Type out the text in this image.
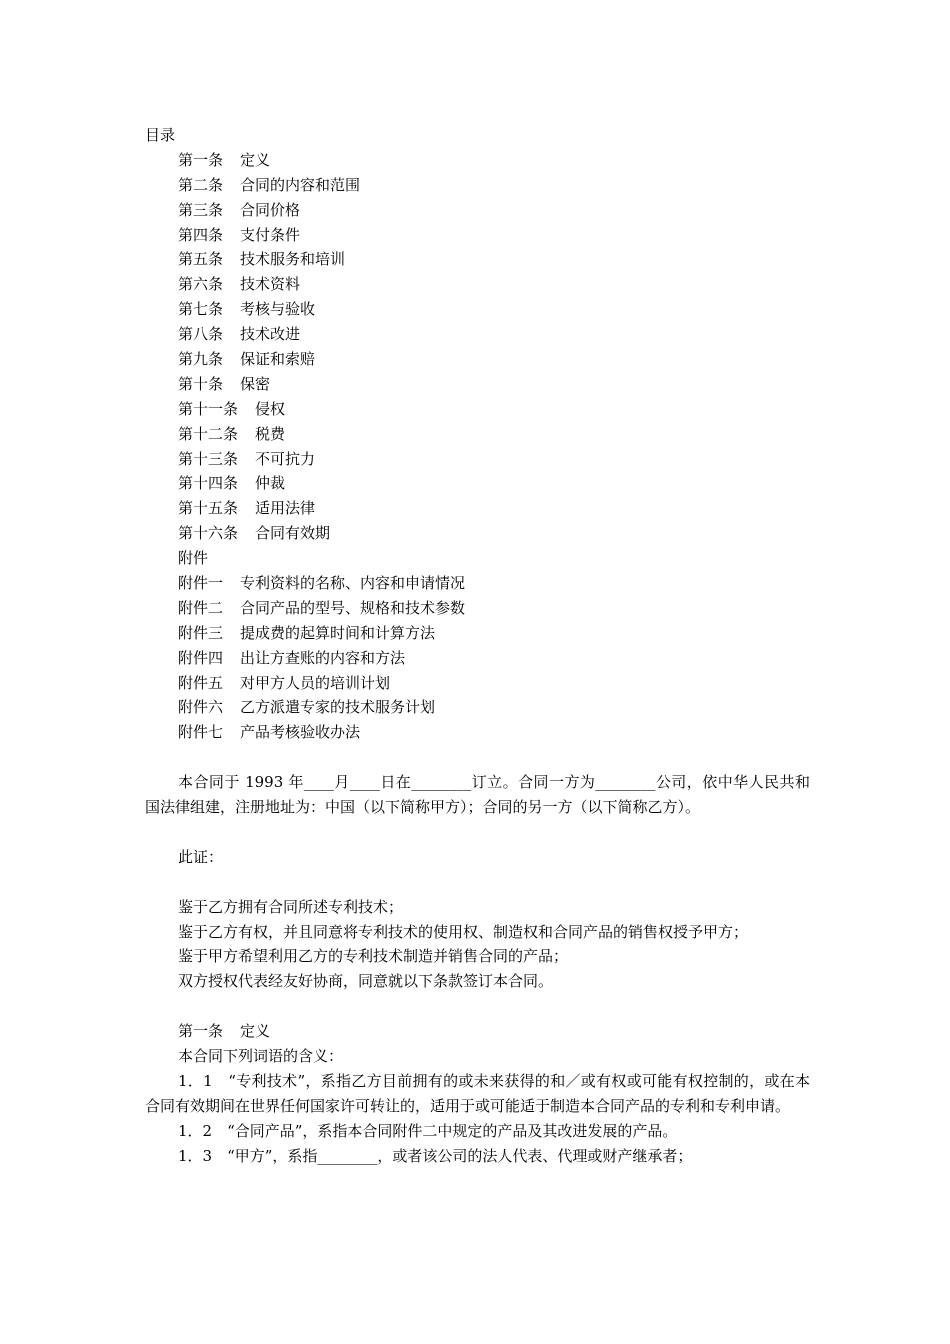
目录
第一条 定义
第二条 合同的内容和范围
第三条 合同价格
第四条 支付条件
第五条 技术服务和培训
第六条 技术资料
第七条 考核与验收
第八条 技术改进
第九条 保证和索赔
第十条 保密
第十一条 侵权
第十二条 税费
第十三条 不可抗力
第十四条 仲裁
第十五条 适用法律
第十六条 合同有效期
附件
附件一 专利资料的名称、内容和申请情况
附件二 合同产品的型号、规格和技术参数
附件三 提成费的起算时间和计算方法
附件四 出让方查账的内容和方法
附件五 对甲方人员的培训计划
附件六 乙方派遣专家的技术服务计划
附件七 产品考核验收办法
本合同于 1993 年____月____日在________订立。合同一方为________公司，依中华人民共和国法律组建，注册地址为：中国（以下简称甲方）；合同的另一方（以下简称乙方）。
此证：
鉴于乙方拥有合同所述专利技术；
鉴于乙方有权，并且同意将专利技术的使用权、制造权和合同产品的销售权授予甲方；
鉴于甲方希望利用乙方的专利技术制造并销售合同的产品；
双方授权代表经友好协商，同意就以下条款签订本合同。
第一条 定义
本合同下列词语的含义：
1．1　“专利技术”，系指乙方目前拥有的或未来获得的和／或有权或可能有权控制的，或在本合同有效期间在世界任何国家许可转让的，适用于或可能适于制造本合同产品的专利和专利申请。
1．2　“合同产品”，系指本合同附件二中规定的产品及其改进发展的产品。
1．3　“甲方”，系指________，或者该公司的法人代表、代理或财产继承者；
